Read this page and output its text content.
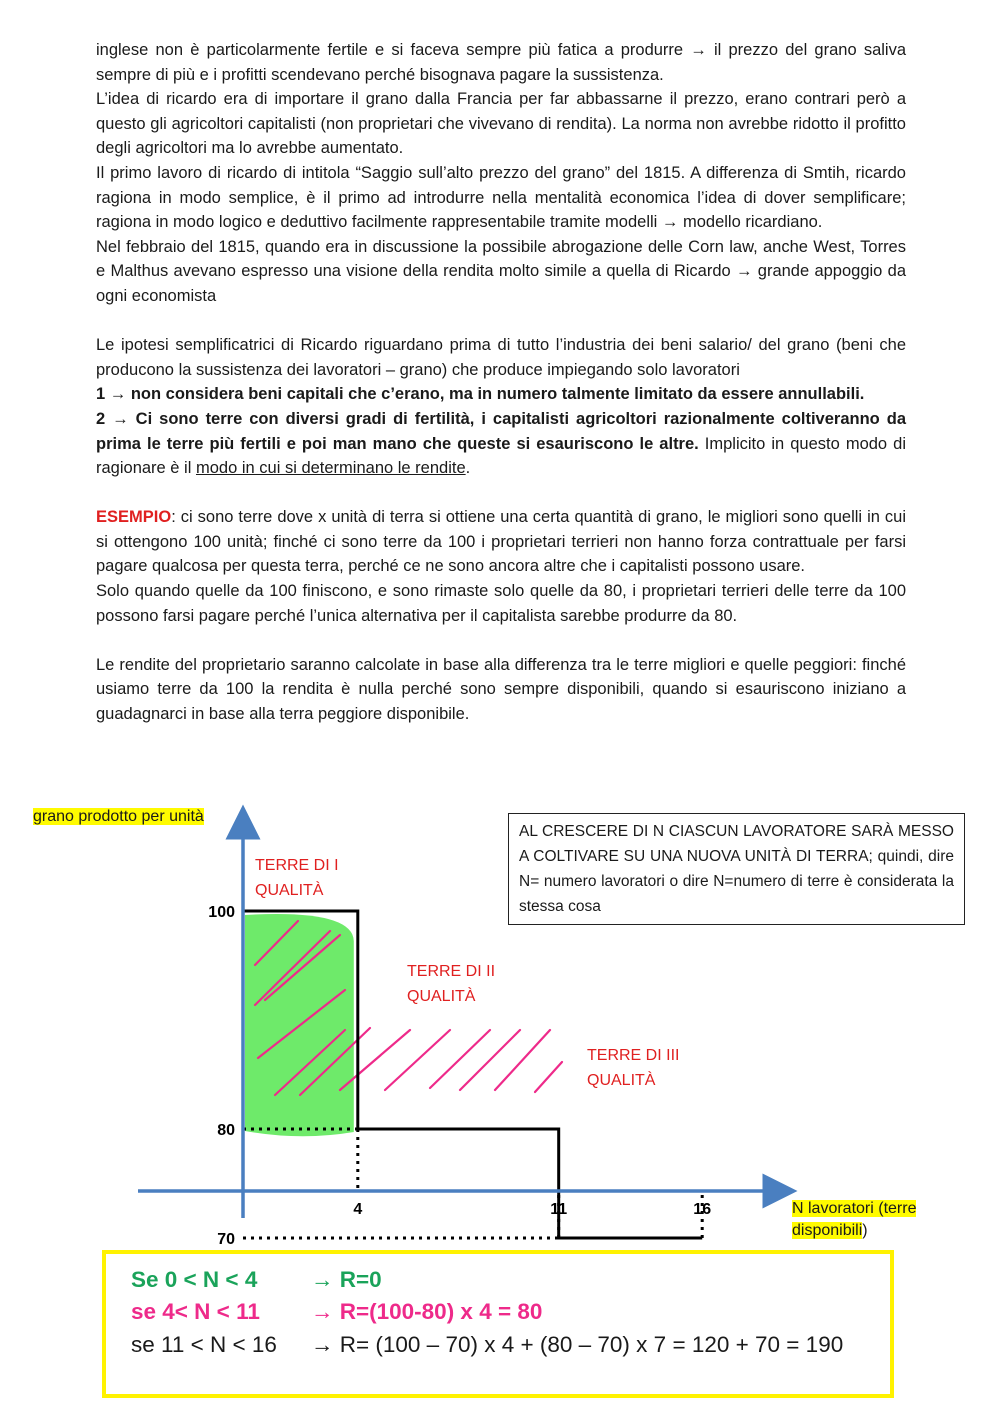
inglese non è particolarmente fertile e si faceva sempre più fatica a produrre → il prezzo del grano saliva sempre di più e i profitti scendevano perché bisognava pagare la sussistenza.

L’idea di ricardo era di importare il grano dalla Francia per far abbassarne il prezzo, erano contrari però a questo gli agricoltori capitalisti (non proprietari che vivevano di rendita). La norma non avrebbe ridotto il profitto degli agricoltori ma lo avrebbe aumentato.

Il primo lavoro di ricardo di intitola “Saggio sull’alto prezzo del grano” del 1815. A differenza di Smtih, ricardo ragiona in modo semplice, è il primo ad introdurre nella mentalità economica l’idea di dover semplificare; ragiona in modo logico e deduttivo facilmente rappresentabile tramite modelli → modello ricardiano.

Nel febbraio del 1815, quando era in discussione la possibile abrogazione delle Corn law, anche West, Torres e Malthus avevano espresso una visione della rendita molto simile a quella di Ricardo → grande appoggio da ogni economista

Le ipotesi semplificatrici di Ricardo riguardano prima di tutto l’industria dei beni salario/ del grano (beni che producono la sussistenza dei lavoratori – grano) che produce impiegando solo lavoratori

1 → non considera beni capitali che c’erano, ma in numero talmente limitato da essere annullabili.

2 → Ci sono terre con diversi gradi di fertilità, i capitalisti agricoltori razionalmente coltiveranno da prima le terre più fertili e poi man mano che queste si esauriscono le altre. Implicito in questo modo di ragionare è il modo in cui si determinano le rendite.

ESEMPIO: ci sono terre dove x unità di terra si ottiene una certa quantità di grano, le migliori sono quelli in cui si ottengono 100 unità; finché ci sono terre da 100 i proprietari terrieri non hanno forza contrattuale per farsi pagare qualcosa per questa terra, perché ce ne sono ancora altre che i capitalisti possono usare.

Solo quando quelle da 100 finiscono, e sono rimaste solo quelle da 80, i proprietari terrieri delle terre da 100 possono farsi pagare perché l’unica alternativa per il capitalista sarebbe produrre da 80.

Le rendite del proprietario saranno calcolate in base alla differenza tra le terre migliori e quelle peggiori: finché usiamo terre da 100 la rendita è nulla perché sono sempre disponibili, quando si esauriscono iniziano a guadagnarci in base alla terra peggiore disponibile.

100
80
70
4	11	16
TERRE DI I
QUALITÀ
TERRE DI II
QUALITÀ
TERRE DI III
QUALITÀ
grano prodotto per unità
N lavoratori (terre disponibili)
AL CRESCERE DI N CIASCUN LAVORATORE SARÀ MESSO A COLTIVARE SU UNA NUOVA UNITÀ DI TERRA; quindi, dire N= numero lavoratori o dire N=numero di terre è considerata la stessa cosa
Se 0 < N < 4 → R=0
se 4< N < 11 → R=(100-80) x 4 = 80
se 11 < N < 16 → R= (100 – 70) x 4 + (80 – 70) x 7 = 120 + 70 = 190
